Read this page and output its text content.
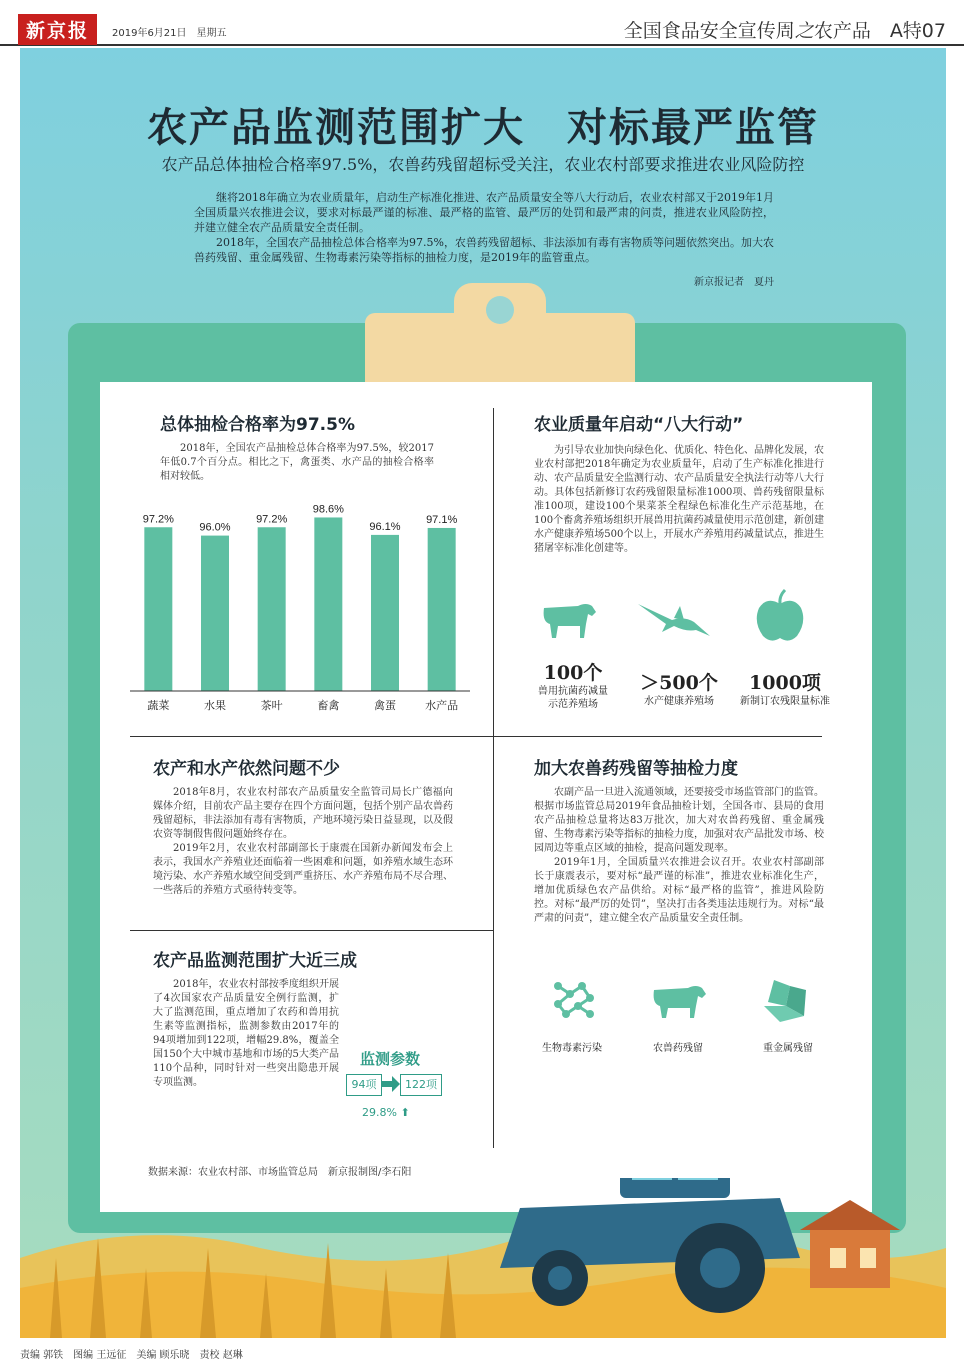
新京报	2019年6月21日　星期五	全国食品安全宣传周之农产品　A特07
农产品监测范围扩大　对标最严监管
农产品总体抽检合格率97.5%，农兽药残留超标受关注，农业农村部要求推进农业风险防控

继将2018年确立为农业质量年，启动生产标准化推进、农产品质量安全等八大行动后，农业农村部又于2019年1月全国质量兴农推进会议，要求对标最严谨的标准、最严格的监管、最严厉的处罚和最严肃的问责，推进农业风险防控，并建立健全农产品质量安全责任制。

2018年，全国农产品抽检总体合格率为97.5%，农兽药残留超标、非法添加有毒有害物质等问题依然突出。加大农兽药残留、重金属残留、生物毒素污染等指标的抽检力度，是2019年的监管重点。

新京报记者　夏丹
总体抽检合格率为97.5%

2018年，全国农产品抽检总体合格率为97.5%，较2017年低0.7个百分点。相比之下，禽蛋类、水产品的抽检合格率相对较低。

97.2%
蔬菜
96.0%
水果
97.2%
茶叶
98.6%
畜禽
96.1%
禽蛋
97.1%
水产品
农业质量年启动“八大行动”

为引导农业加快向绿色化、优质化、特色化、品牌化发展，农业农村部把2018年确定为农业质量年，启动了生产标准化推进行动、农产品质量安全监测行动、农产品质量安全执法行动等八大行动。具体包括新修订农药残留限量标准1000项、兽药残留限量标准100项，建设100个果菜茶全程绿色标准化生产示范基地，在100个畜禽养殖场组织开展兽用抗菌药减量使用示范创建，新创建水产健康养殖场500个以上，开展水产养殖用药减量试点，推进生猪屠宰标准化创建等。

100个
兽用抗菌药减量
示范养殖场
＞500个
水产健康养殖场
1000项
新制订农残限量标准
农产和水产依然问题不少

2018年8月，农业农村部农产品质量安全监管司局长广德福向媒体介绍，目前农产品主要存在四个方面问题，包括个别产品农兽药残留超标，非法添加有毒有害物质，产地环境污染日益显现，以及假农资等制假售假问题始终存在。

2019年2月，农业农村部副部长于康震在国新办新闻发布会上表示，我国水产养殖业还面临着一些困难和问题，如养殖水域生态环境污染、水产养殖水域空间受到严重挤压、水产养殖布局不尽合理、一些落后的养殖方式亟待转变等。

加大农兽药残留等抽检力度

农副产品一旦进入流通领域，还要接受市场监管部门的监管。根据市场监管总局2019年食品抽检计划，全国各市、县局的食用农产品抽检总量将达83万批次，加大对农兽药残留、重金属残留、生物毒素污染等指标的抽检力度，加强对农产品批发市场、校园周边等重点区域的抽检，提高问题发现率。

2019年1月，全国质量兴农推进会议召开。农业农村部副部长于康震表示，要对标“最严谨的标准”，推进农业标准化生产，增加优质绿色农产品供给。对标“最严格的监管”，推进风险防控。对标“最严厉的处罚”，坚决打击各类违法违规行为。对标“最严肃的问责”，建立健全农产品质量安全责任制。

生物毒素污染	农兽药残留	重金属残留
农产品监测范围扩大近三成

2018年，农业农村部按季度组织开展了4次国家农产品质量安全例行监测，扩大了监测范围，重点增加了农药和兽用抗生素等监测指标，监测参数由2017年的94项增加到122项，增幅29.8%，覆盖全国150个大中城市基地和市场的5大类产品110个品种，同时针对一些突出隐患开展专项监测。

监测参数
94项	122项
29.8% ⬆
数据来源：农业农村部、市场监管总局　新京报制图/李石阳
责编 郭铁　图编 王远征　美编 顾乐晓　责校 赵琳
